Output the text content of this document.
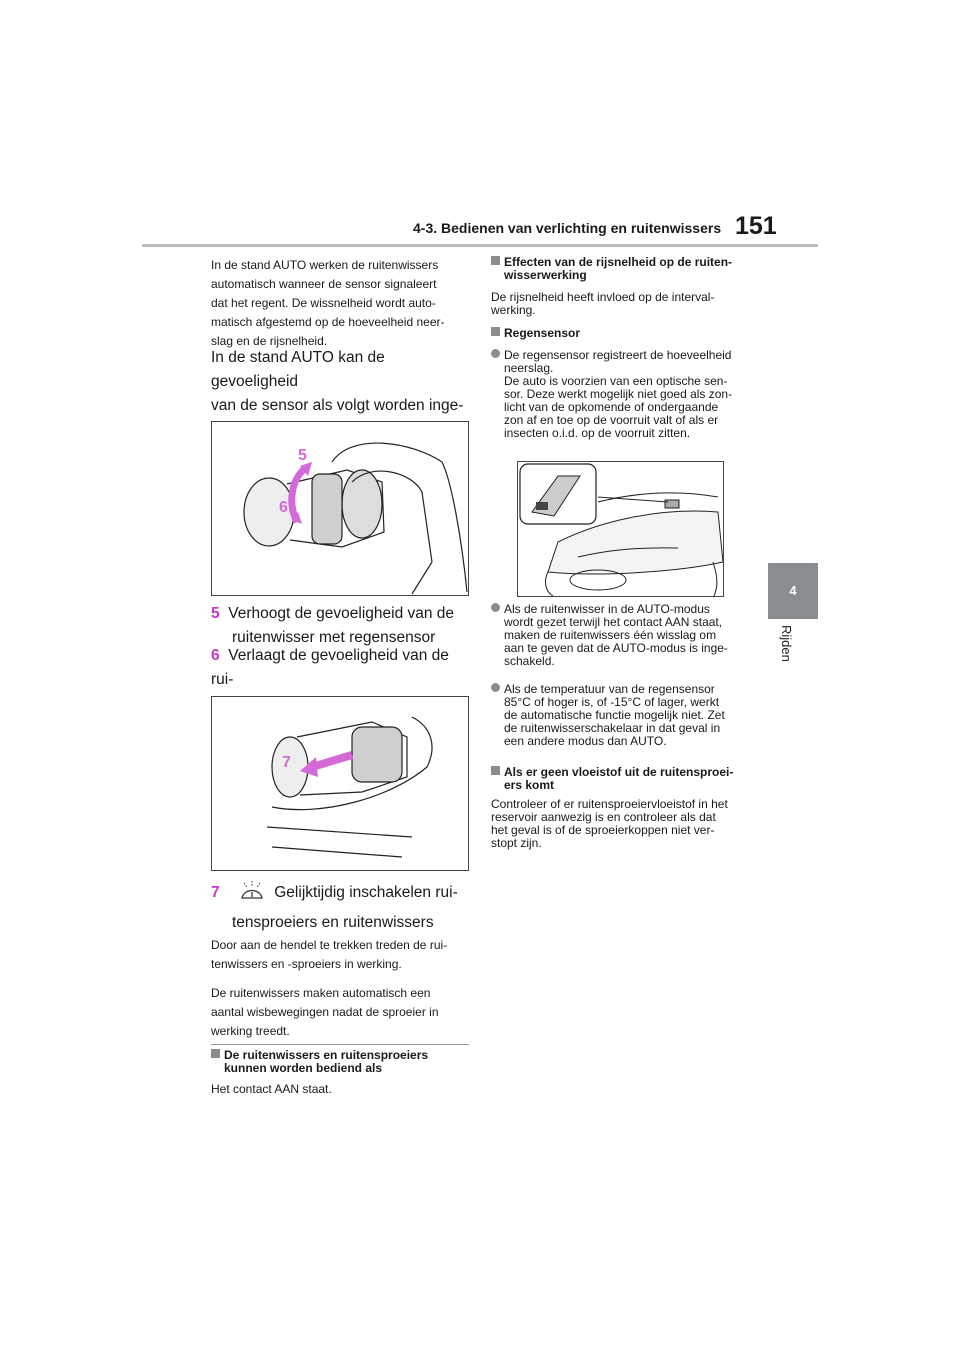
4-3. Bedienen van verlichting en ruitenwissers 151
4
Rijden

In de stand AUTO werken de ruitenwissers

automatisch wanneer de sensor signaleert

dat het regent. De wissnelheid wordt auto-

matisch afgestemd op de hoeveelheid neer-

slag en de rijsnelheid.

In de stand AUTO kan de gevoeligheid

van de sensor als volgt worden inge-

5
6

5 Verhoogt de gevoeligheid van de

ruitenwisser met regensensor

6 Verlaagt de gevoeligheid van de rui-

7

7	Gelijktijdig inschakelen rui-

tensproeiers en ruitenwissers

Door aan de hendel te trekken treden de rui-

tenwissers en -sproeiers in werking.

De ruitenwissers maken automatisch een

aantal wisbewegingen nadat de sproeier in

werking treedt.

De ruitenwissers en ruitensproeiers

kunnen worden bediend als

Het contact AAN staat.

Effecten van de rijsnelheid op de ruiten-

wisserwerking

De rijsnelheid heeft invloed op de interval-

werking.

Regensensor

De regensensor registreert de hoeveelheid

neerslag.

De auto is voorzien van een optische sen-

sor. Deze werkt mogelijk niet goed als zon-

licht van de opkomende of ondergaande

zon af en toe op de voorruit valt of als er

insecten o.i.d. op de voorruit zitten.

Als de ruitenwisser in de AUTO-modus

wordt gezet terwijl het contact AAN staat,

maken de ruitenwissers één wisslag om

aan te geven dat de AUTO-modus is inge-

schakeld.

Als de temperatuur van de regensensor

85°C of hoger is, of -15°C of lager, werkt

de automatische functie mogelijk niet. Zet

de ruitenwisserschakelaar in dat geval in

een andere modus dan AUTO.

Als er geen vloeistof uit de ruitensproei-

ers komt

Controleer of er ruitensproeiervloeistof in het

reservoir aanwezig is en controleer als dat

het geval is of de sproeierkoppen niet ver-

stopt zijn.
